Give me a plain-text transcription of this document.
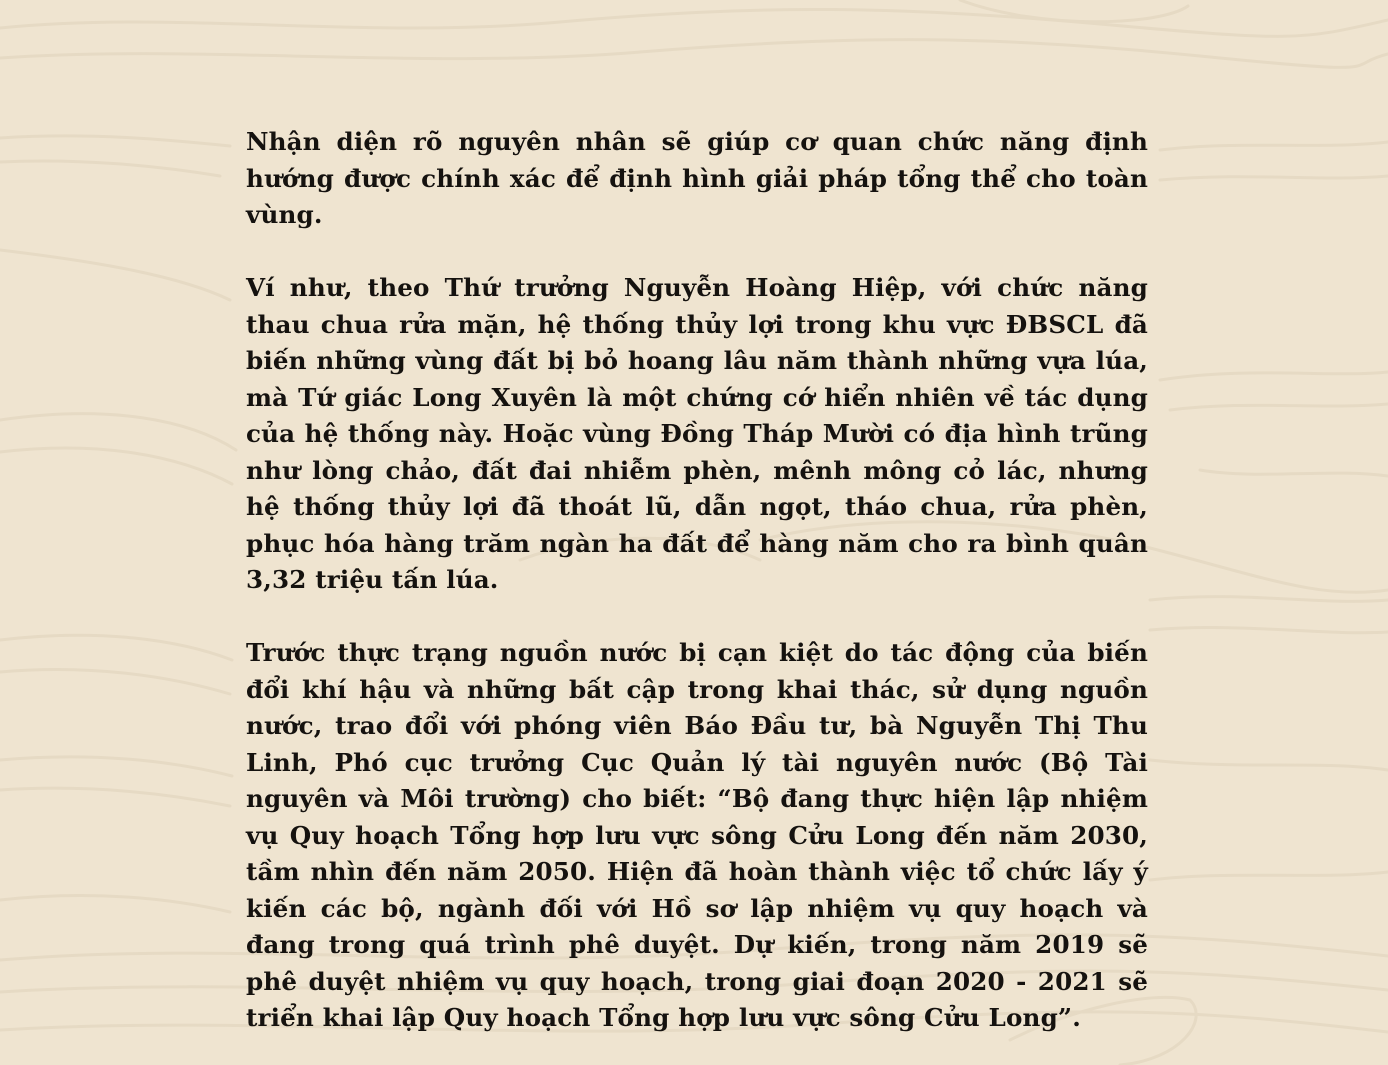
Nhận diện rõ nguyên nhân sẽ giúp cơ quan chức năng định hướng được chính xác để định hình giải pháp tổng thể cho toàn vùng.

Ví như, theo Thứ trưởng Nguyễn Hoàng Hiệp, với chức năng thau chua rửa mặn, hệ thống thủy lợi trong khu vực ĐBSCL đã biến những vùng đất bị bỏ hoang lâu năm thành những vựa lúa, mà Tứ giác Long Xuyên là một chứng cớ hiển nhiên về tác dụng của hệ thống này. Hoặc vùng Đồng Tháp Mười có địa hình trũng như lòng chảo, đất đai nhiễm phèn, mênh mông cỏ lác, nhưng hệ thống thủy lợi đã thoát lũ, dẫn ngọt, tháo chua, rửa phèn, phục hóa hàng trăm ngàn ha đất để hàng năm cho ra bình quân 3,32 triệu tấn lúa.

Trước thực trạng nguồn nước bị cạn kiệt do tác động của biến đổi khí hậu và những bất cập trong khai thác, sử dụng nguồn nước, trao đổi với phóng viên Báo Đầu tư, bà Nguyễn Thị Thu Linh, Phó cục trưởng Cục Quản lý tài nguyên nước (Bộ Tài nguyên và Môi trường) cho biết: “Bộ đang thực hiện lập nhiệm vụ Quy hoạch Tổng hợp lưu vực sông Cửu Long đến năm 2030, tầm nhìn đến năm 2050. Hiện đã hoàn thành việc tổ chức lấy ý kiến các bộ, ngành đối với Hồ sơ lập nhiệm vụ quy hoạch và đang trong quá trình phê duyệt. Dự kiến, trong năm 2019 sẽ phê duyệt nhiệm vụ quy hoạch, trong giai đoạn 2020 - 2021 sẽ triển khai lập Quy hoạch Tổng hợp lưu vực sông Cửu Long”.
